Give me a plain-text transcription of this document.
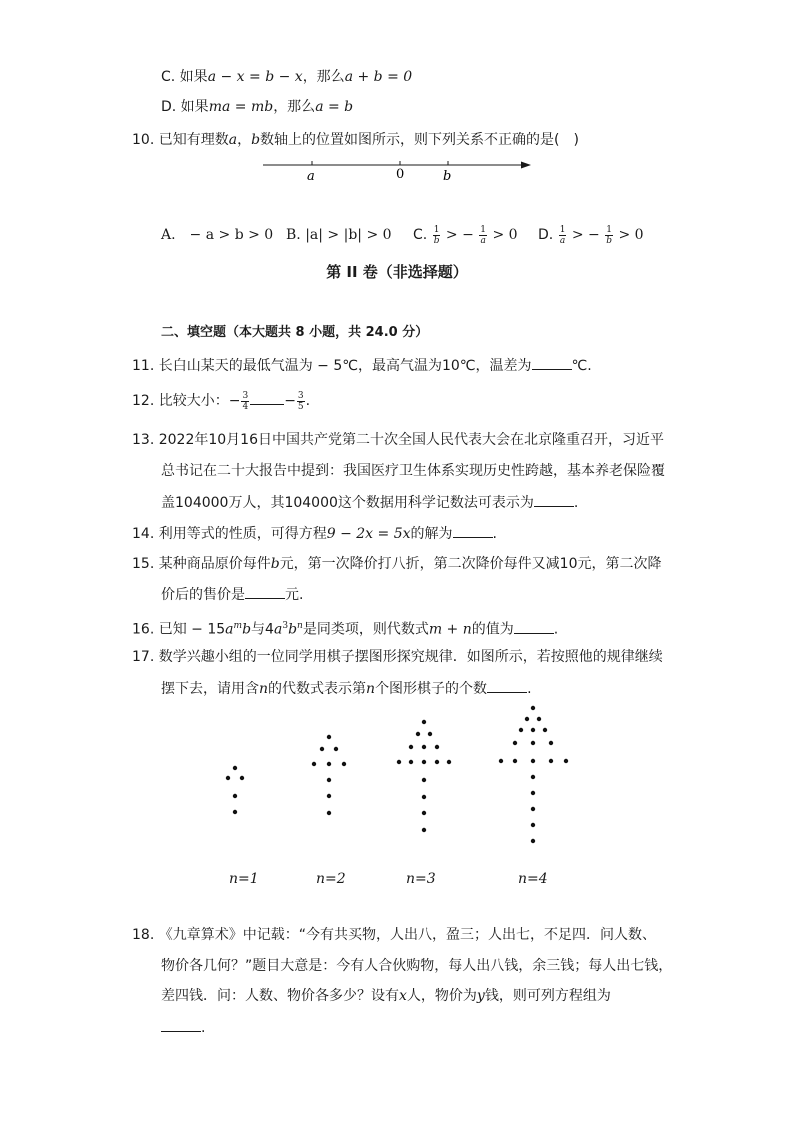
C. 如果a − x = b − x，那么a + b = 0
D. 如果ma = mb，那么a = b
10. 已知有理数a，b数轴上的位置如图所示，则下列关系不正确的是(　)
a	0	b
A.　− a > b > 0 B. |a| > |b| > 0 C. $\frac{1}{b}$ > − $\frac{1}{a} > 0$ D. $\frac{1}{a}$ > − $\frac{1}{b} > 0$
第 II 卷（非选择题）
二、填空题（本大题共 8 小题，共 24.0 分）
11. 长白山某天的最低气温为 − 5℃，最高气温为10℃，温差为	℃.
12. 比较大小：− $\frac{3}{4}$	− $\frac{3}{5}$ .
13. 2022年10月16日中国共产党第二十次全国人民代表大会在北京隆重召开，习近平
总书记在二十大报告中提到：我国医疗卫生体系实现历史性跨越，基本养老保险覆
盖104000万人，其104000这个数据用科学记数法可表示为	.
14. 利用等式的性质，可得方程9 − 2x = 5x的解为	.
15. 某种商品原价每件b元，第一次降价打八折，第二次降价每件又减10元，第二次降
价后的售价是	元.
16. 已知 − $15a^mb$与$4a^3b^n$是同类项，则代数式m + n的值为	.
17. 数学兴趣小组的一位同学用棋子摆图形探究规律．如图所示，若按照他的规律继续
摆下去，请用含n的代数式表示第n个图形棋子的个数	.
n=1	n=2	n=3	n=4
18. 《九章算术》中记载：“今有共买物，人出八，盈三；人出七，不足四．问人数、
物价各几何？”题目大意是：今有人合伙购物，每人出八钱，余三钱；每人出七钱，
差四钱．问：人数、物价各多少？设有x人，物价为y钱，则可列方程组为
.
